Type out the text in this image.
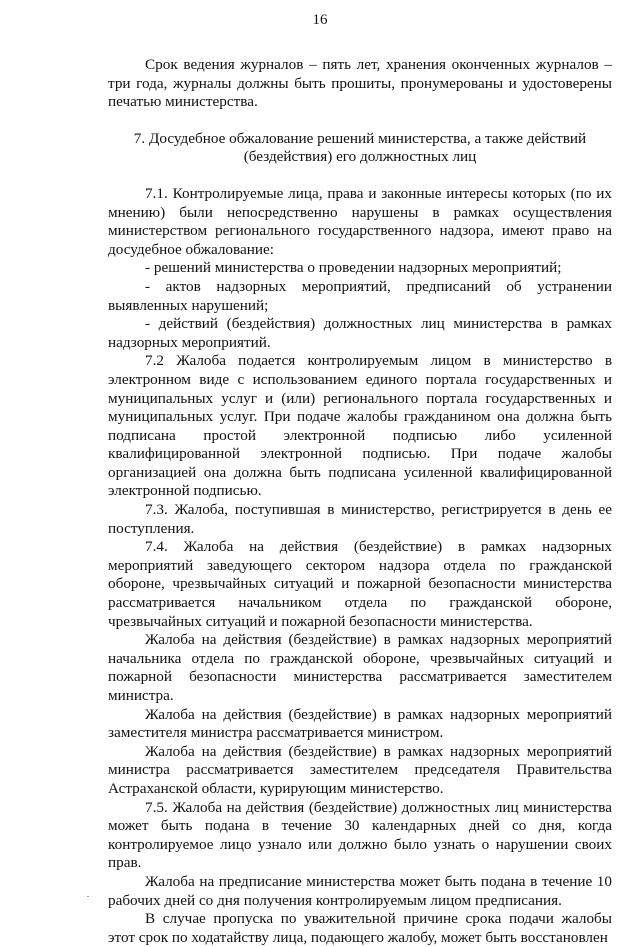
16

Срок ведения журналов – пять лет, хранения оконченных журналов – три года, журналы должны быть прошиты, пронумерованы и удостоверены печатью министерства.

7. Досудебное обжалование решений министерства, а также действий (бездействия) его должностных лиц

7.1. Контролируемые лица, права и законные интересы которых (по их мнению) были непосредственно нарушены в рамках осуществления министерством регионального государственного надзора, имеют право на досудебное обжалование:

- решений министерства о проведении надзорных мероприятий;

- актов надзорных мероприятий, предписаний об устранении выявленных нарушений;

- действий (бездействия) должностных лиц министерства в рамках надзорных мероприятий.

7.2 Жалоба подается контролируемым лицом в министерство в электронном виде с использованием единого портала государственных и муниципальных услуг и (или) регионального портала государственных и муниципальных услуг. При подаче жалобы гражданином она должна быть подписана простой электронной подписью либо усиленной квалифицированной электронной подписью. При подаче жалобы организацией она должна быть подписана усиленной квалифицированной электронной подписью.

7.3. Жалоба, поступившая в министерство, регистрируется в день ее поступления.

7.4. Жалоба на действия (бездействие) в рамках надзорных мероприятий заведующего сектором надзора отдела по гражданской обороне, чрезвычайных ситуаций и пожарной безопасности министерства рассматривается начальником отдела по гражданской обороне, чрезвычайных ситуаций и пожарной безопасности министерства.

Жалоба на действия (бездействие) в рамках надзорных мероприятий начальника отдела по гражданской обороне, чрезвычайных ситуаций и пожарной безопасности министерства рассматривается заместителем министра.

Жалоба на действия (бездействие) в рамках надзорных мероприятий заместителя министра рассматривается министром.

Жалоба на действия (бездействие) в рамках надзорных мероприятий министра рассматривается заместителем председателя Правительства Астраханской области, курирующим министерство.

7.5. Жалоба на действия (бездействие) должностных лиц министерства может быть подана в течение 30 календарных дней со дня, когда контролируемое лицо узнало или должно было узнать о нарушении своих прав.

Жалоба на предписание министерства может быть подана в течение 10 рабочих дней со дня получения контролируемым лицом предписания.

В случае пропуска по уважительной причине срока подачи жалобы этот срок по ходатайству лица, подающего жалобу, может быть восстановлен
